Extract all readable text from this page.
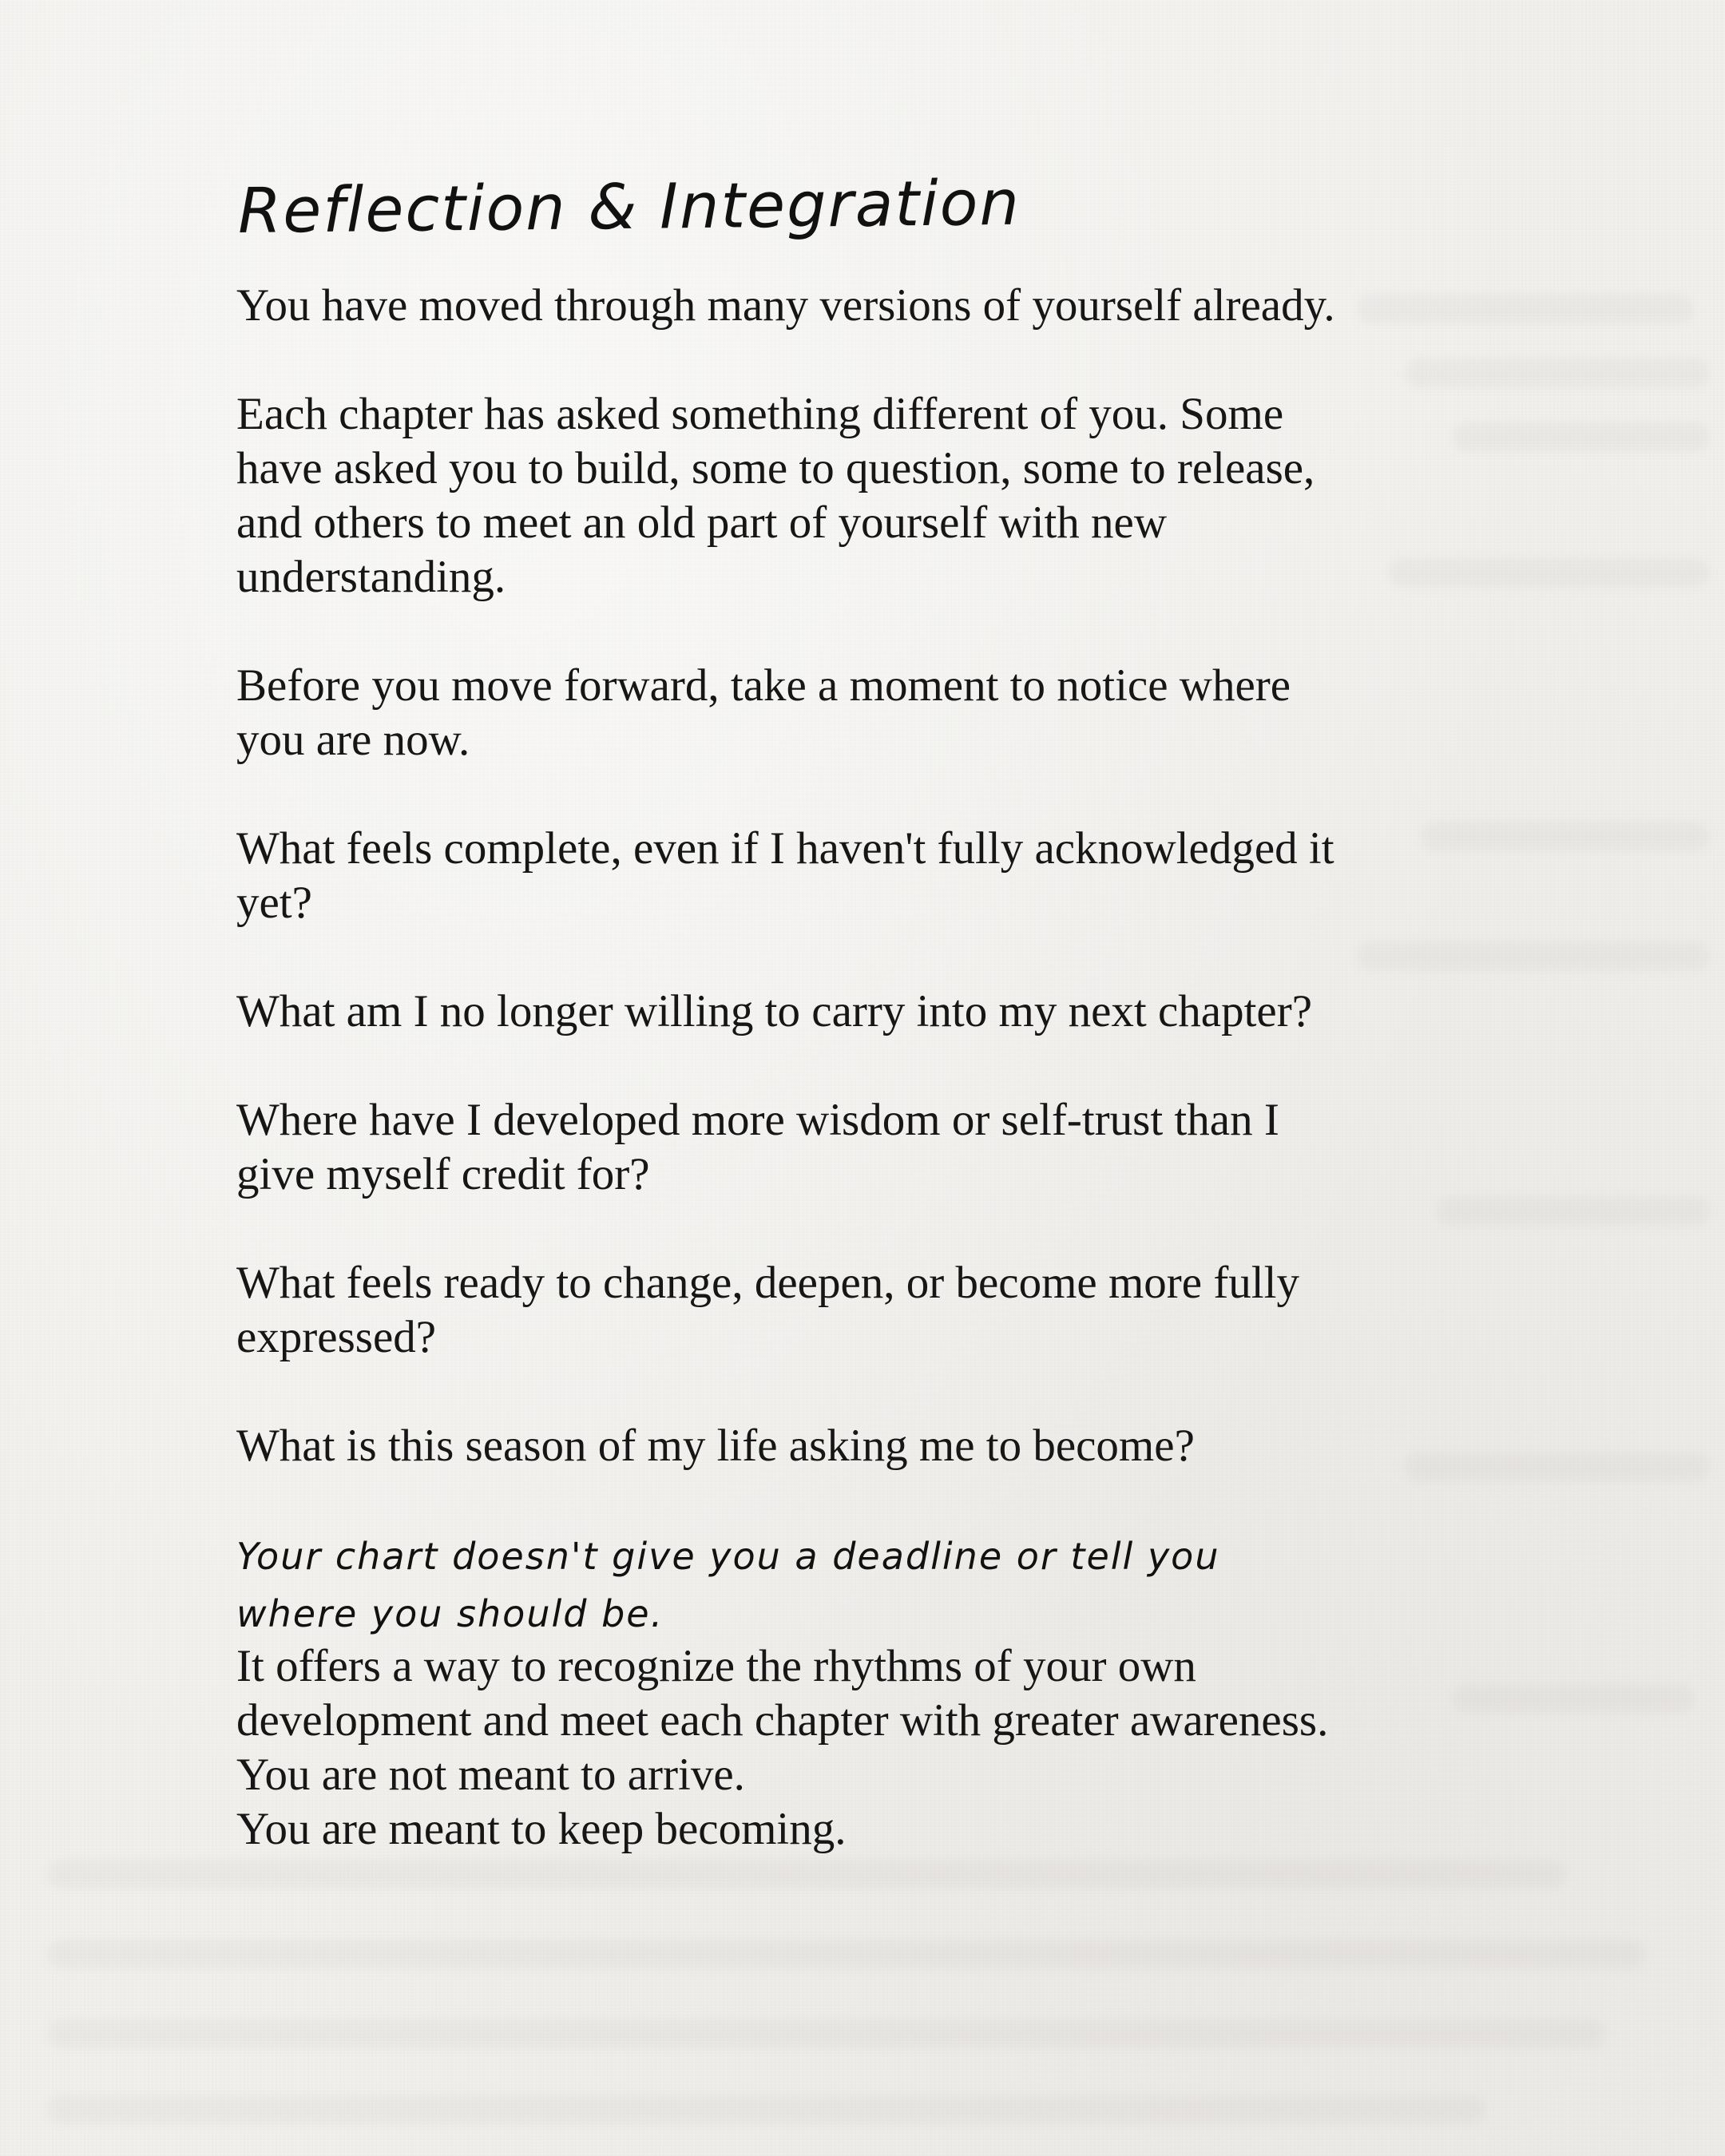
Reflection & Integration
You have moved through many versions of yourself already.
Each chapter has asked something different of you. Some
have asked you to build, some to question, some to release,
and others to meet an old part of yourself with new
understanding.
Before you move forward, take a moment to notice where
you are now.
What feels complete, even if I haven't fully acknowledged it
yet?
What am I no longer willing to carry into my next chapter?
Where have I developed more wisdom or self-trust than I
give myself credit for?
What feels ready to change, deepen, or become more fully
expressed?
What is this season of my life asking me to become?
Your chart doesn't give you a deadline or tell you
where you should be.
It offers a way to recognize the rhythms of your own
development and meet each chapter with greater awareness.
You are not meant to arrive.
You are meant to keep becoming.
